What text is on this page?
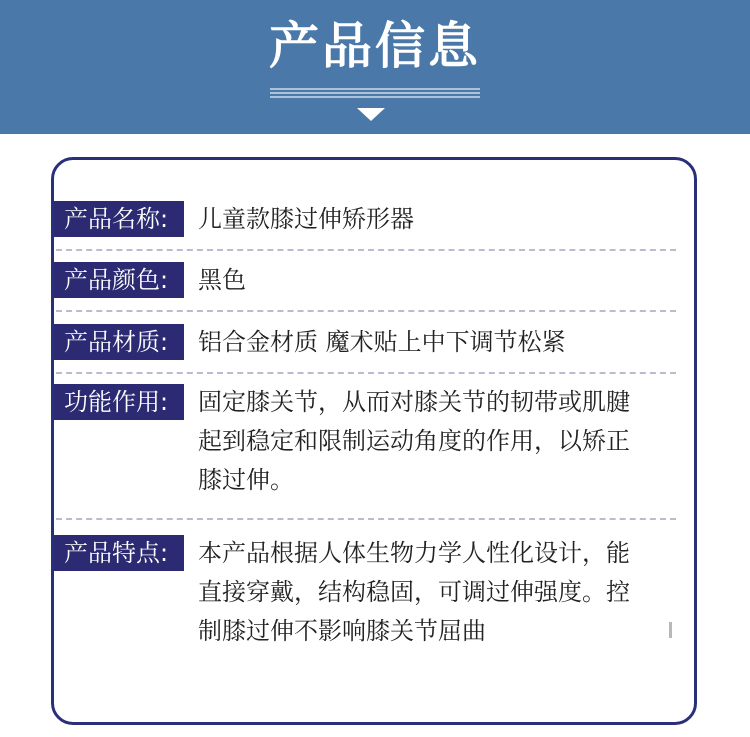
产品信息
产品名称:	儿童款膝过伸矫形器
产品颜色:	黑色
产品材质:	铝合金材质 魔术贴上中下调节松紧
功能作用:	固定膝关节，从而对膝关节的韧带或肌腱
起到稳定和限制运动角度的作用，以矫正
膝过伸。
产品特点:	本产品根据人体生物力学人性化设计，能
直接穿戴，结构稳固，可调过伸强度。控
制膝过伸不影响膝关节屈曲
